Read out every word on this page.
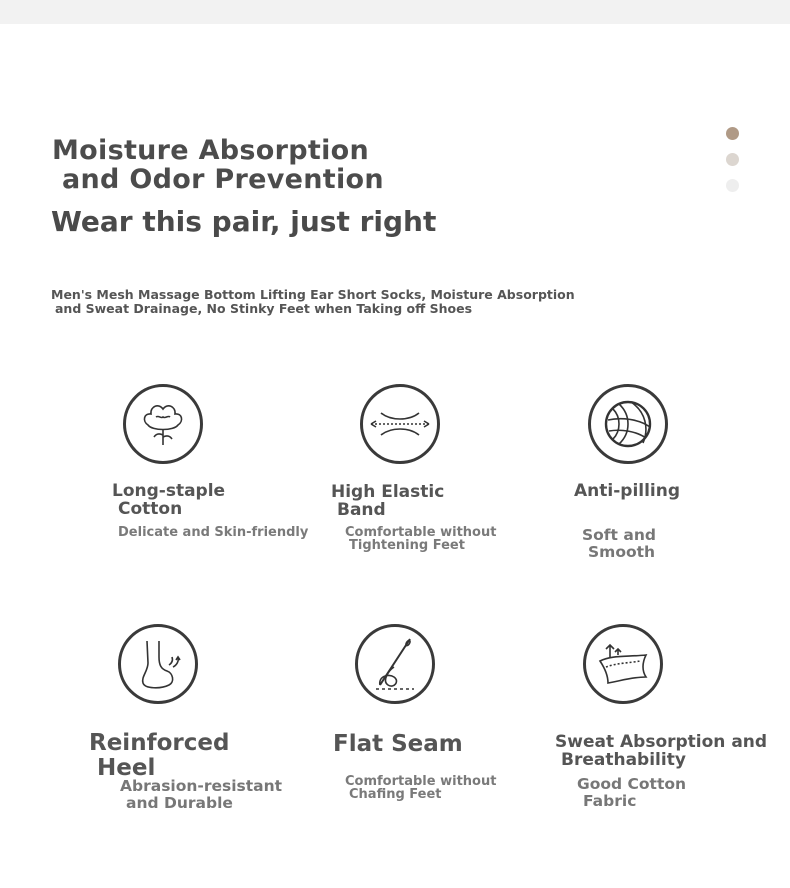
Moisture Absorption
and Odor Prevention
Wear this pair, just right
Men's Mesh Massage Bottom Lifting Ear Short Socks, Moisture Absorption
and Sweat Drainage, No Stinky Feet when Taking off Shoes
Long-staple
Cotton
Delicate and Skin-friendly
High Elastic
Band
Comfortable without
Tightening Feet
Anti-pilling
Soft and
Smooth
Reinforced
Heel
Abrasion-resistant
and Durable
Flat Seam
Comfortable without
Chafing Feet
Sweat Absorption and
Breathability
Good Cotton
Fabric
